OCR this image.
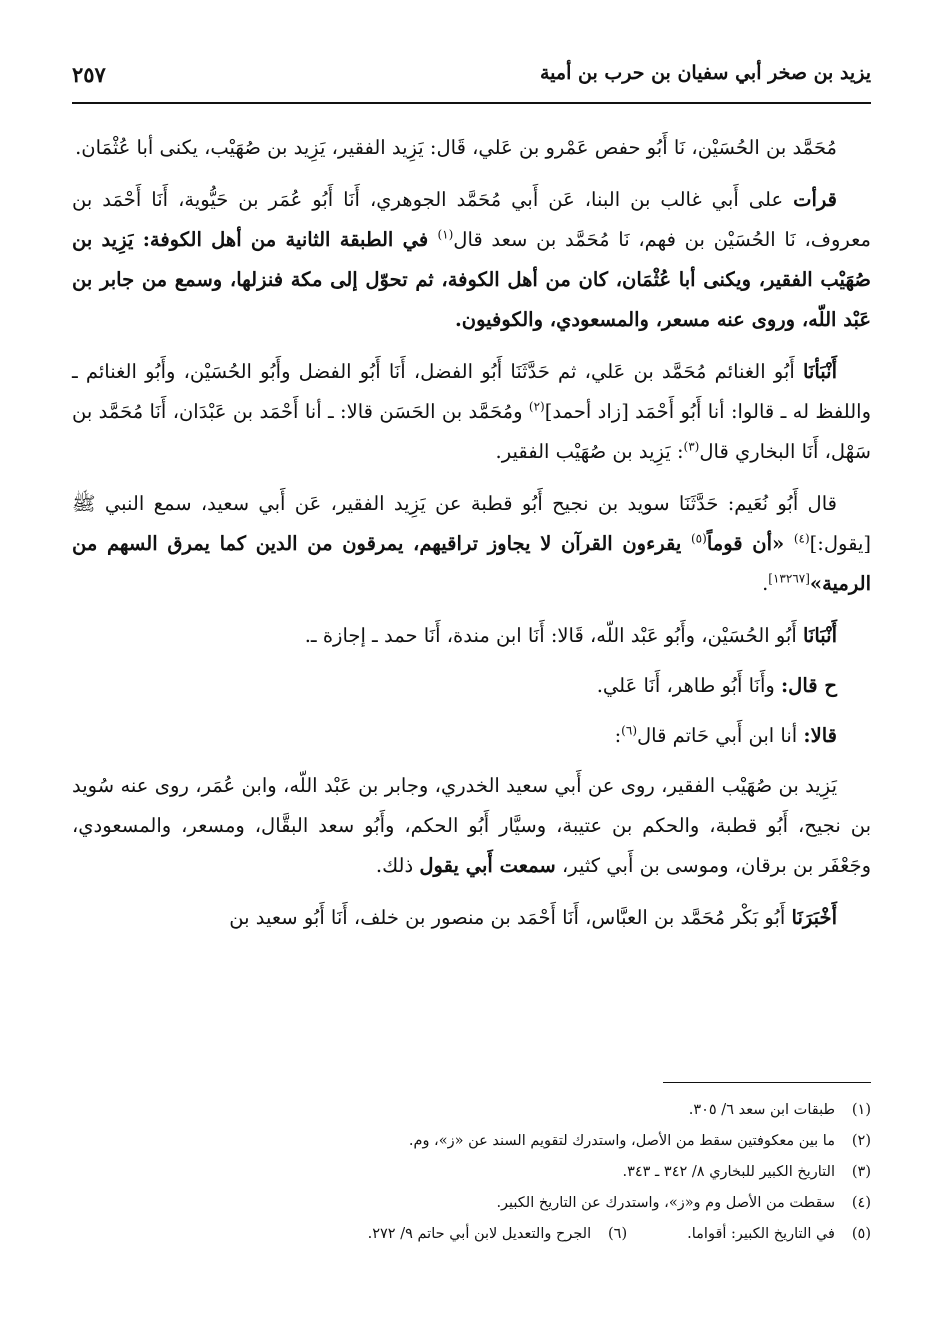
يزيد بن صخر أبي سفيان بن حرب بن أمية
٢٥٧

مُحَمَّد بن الحُسَيْن، نَا أَبُو حفص عَمْرو بن عَلي، قَال: يَزِيد الفقير، يَزِيد بن صُهَيْب، يكنى أبا عُثْمَان.

قرأت على أَبي غالب بن البنا، عَن أَبي مُحَمَّد الجوهري، أَنَا أَبُو عُمَر بن حَيُّوية، أَنَا أَحْمَد بن معروف، نَا الحُسَيْن بن فهم، نَا مُحَمَّد بن سعد قال$^{(١)}$ في الطبقة الثانية من أهل الكوفة: يَزِيد بن صُهَيْب الفقير، ويكنى أبا عُثْمَان، كان من أهل الكوفة، ثم تحوّل إلى مكة فنزلها، وسمع من جابر بن عَبْد اللّه، وروى عنه مسعر، والمسعودي، والكوفيون.

أَنْبَأنَا أَبُو الغنائم مُحَمَّد بن عَلي، ثم حَدَّثَنَا أَبُو الفضل، أَنَا أَبُو الفضل وأَبُو الحُسَيْن، وأَبُو الغنائم ـ واللفظ له ـ قالوا: أنا أَبُو أَحْمَد [زاد أحمد]$^{(٢)}$ ومُحَمَّد بن الحَسَن قالا: ـ أنا أَحْمَد بن عَبْدَان، أَنَا مُحَمَّد بن سَهْل، أَنَا البخاري قال$^{(٣)}$: يَزِيد بن صُهَيْب الفقير.

قال أَبُو نُعَيم: حَدَّثَنَا سويد بن نجيح أَبُو قطبة عن يَزِيد الفقير، عَن أَبي سعيد، سمع النبي ﷺ [يقول:]$^{(٤)}$ «أن قوماً$^{(٥)}$ يقرءون القرآن لا يجاوز تراقيهم، يمرقون من الدين كما يمرق السهم من الرمية»[١٣٢٦٧].

أَنْبَانَا أَبُو الحُسَيْن، وأَبُو عَبْد اللّه، قَالا: أَنَا ابن مندة، أَنَا حمد ـ إجازة ـ.

ح قال: وأَنَا أَبُو طاهر، أَنَا عَلي.

قالا: أنا ابن أَبي حَاتم قال$^{(٦)}$:

يَزِيد بن صُهَيْب الفقير، روى عن أَبي سعيد الخدري، وجابر بن عَبْد اللّه، وابن عُمَر، روى عنه سُويد بن نجيح، أَبُو قطبة، والحكم بن عتيبة، وسيَّار أَبُو الحكم، وأَبُو سعد البقَّال، ومسعر، والمسعودي، وجَعْفَر بن برقان، وموسى بن أَبي كثير، سمعت أَبي يقول ذلك.

أَخْبَرَنَا أَبُو بَكْر مُحَمَّد بن العبَّاس، أَنَا أَحْمَد بن منصور بن خلف، أَنَا أَبُو سعيد بن

(١)طبقات ابن سعد ٦/ ٣٠٥.
(٢)ما بين معكوفتين سقط من الأصل، واستدرك لتقويم السند عن «ز»، وم.
(٣)التاريخ الكبير للبخاري ٨/ ٣٤٢ ـ ٣٤٣.
(٤)سقطت من الأصل وم و«ز»، واستدرك عن التاريخ الكبير.
(٥)في التاريخ الكبير: أقواما.
(٦)الجرح والتعديل لابن أبي حاتم ٩/ ٢٧٢.
